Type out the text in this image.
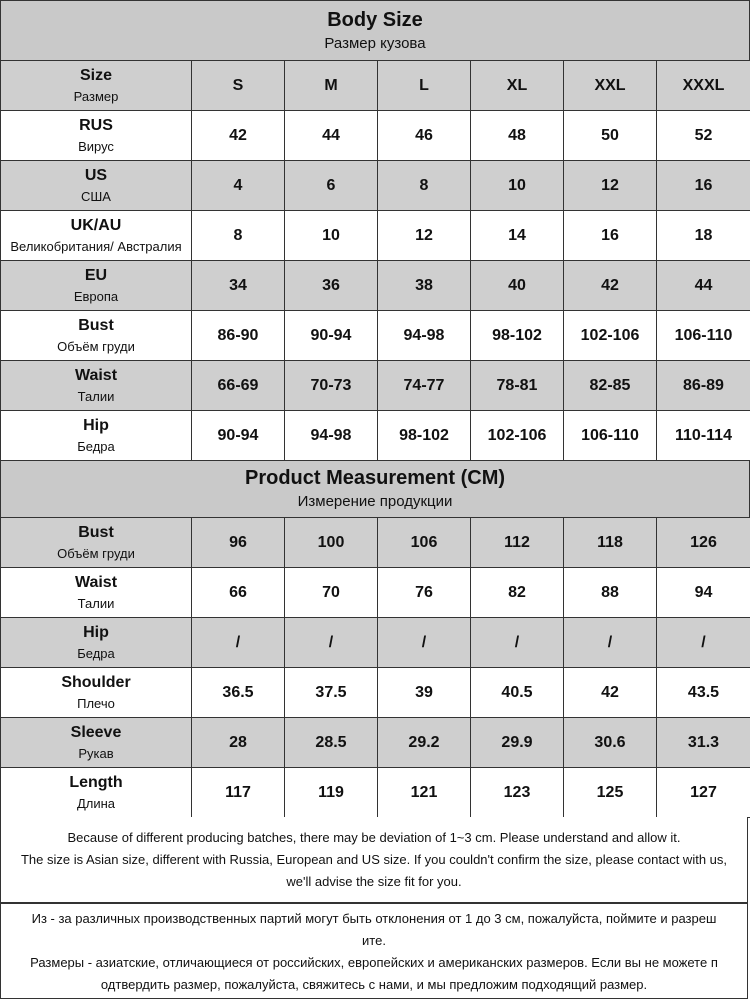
Body Size
Размер кузова
Size
Размер	S	M	L	XL	XXL	XXXL

RUS
Вирус	42	44	46	48	50	52

US
США	4	6	8	10	12	16

UK/AU
Великобритания/ Австралия	8	10	12	14	16	18

EU
Европа	34	36	38	40	42	44

Bust
Объём груди	86-90	90-94	94-98	98-102	102-106	106-110

Waist
Талии	66-69	70-73	74-77	78-81	82-85	86-89

Hip
Бедра	90-94	94-98	98-102	102-106	106-110	110-114
Product Measurement (CM)
Измерение продукции
Bust
Объём груди	96	100	106	112	118	126

Waist
Талии	66	70	76	82	88	94

Hip
Бедра	/	/	/	/	/	/

Shoulder
Плечо	36.5	37.5	39	40.5	42	43.5

Sleeve
Рукав	28	28.5	29.2	29.9	30.6	31.3

Length
Длина	117	119	121	123	125	127

Because of different producing batches, there may be deviation of 1~3 cm. Please understand and allow it.

The size is Asian size, different with Russia, European and US size. If you couldn't confirm the size, please contact with us,

we'll advise the size fit for you.

Из - за различных производственных партий могут быть отклонения от 1 до 3 см, пожалуйста, поймите и разреш

ите.

Размеры - азиатские, отличающиеся от российских, европейских и американских размеров. Если вы не можете п

одтвердить размер, пожалуйста, свяжитесь с нами, и мы предложим подходящий размер.
